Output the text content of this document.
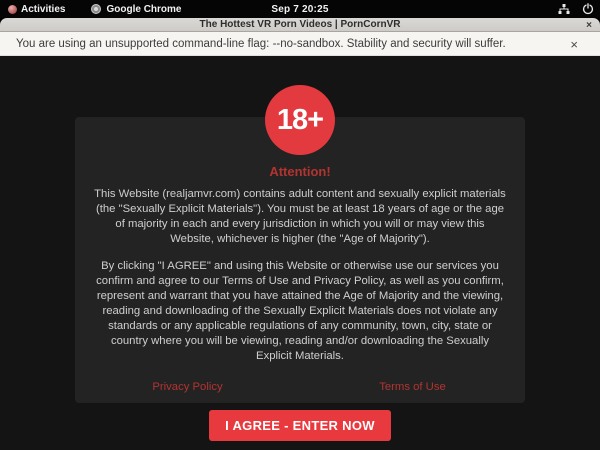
Activities	Google Chrome	Sep 7 20:25
The Hottest VR Porn Videos | PornCornVR	×
You are using an unsupported command-line flag: --no-sandbox. Stability and security will suffer.	×
18+
Attention!

This Website (realjamvr.com) contains adult content and sexually explicit materials (the "Sexually Explicit Materials"). You must be at least 18 years of age or the age of majority in each and every jurisdiction in which you will or may view this Website, whichever is higher (the "Age of Majority").

By clicking "I AGREE" and using this Website or otherwise use our services you confirm and agree to our Terms of Use and Privacy Policy, as well as you confirm, represent and warrant that you have attained the Age of Majority and the viewing, reading and downloading of the Sexually Explicit Materials does not violate any standards or any applicable regulations of any community, town, city, state or country where you will be viewing, reading and/or downloading the Sexually Explicit Materials.

Privacy Policy	Terms of Use
I AGREE - ENTER NOW
